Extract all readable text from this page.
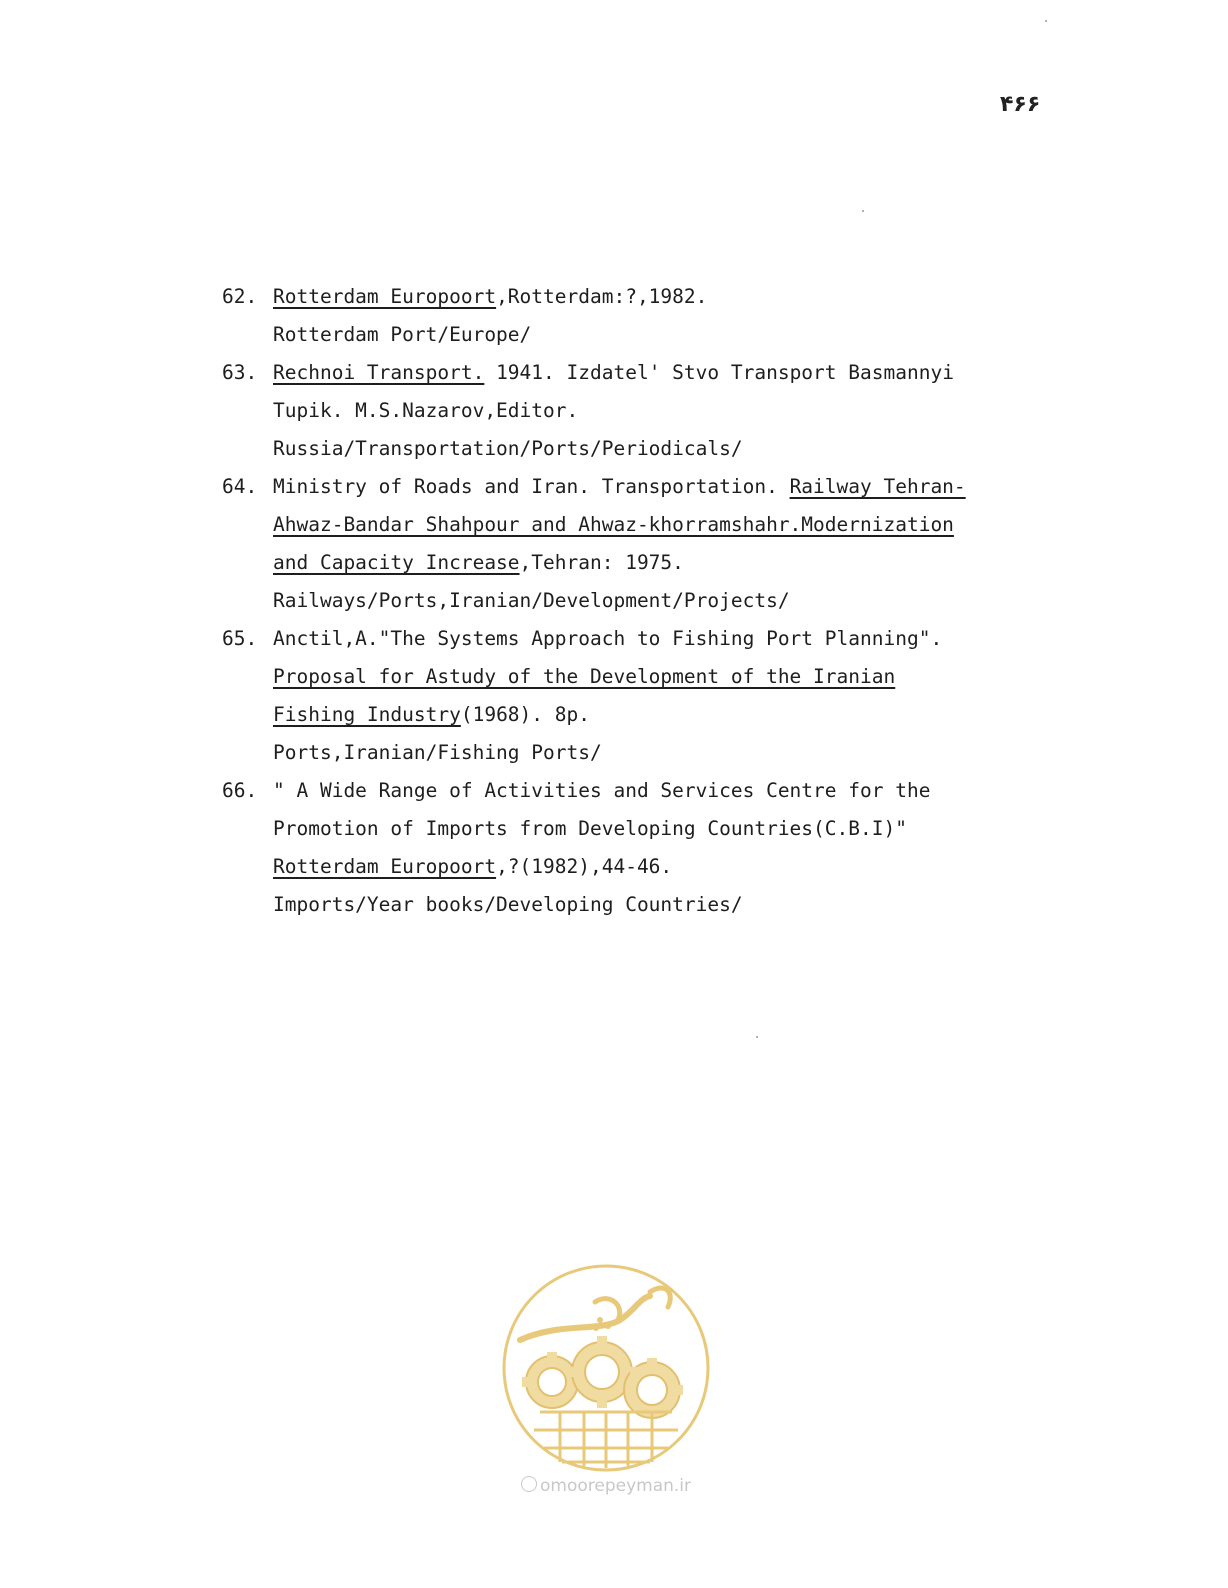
۴۶۶
62. Rotterdam Europoort,Rotterdam:?,1982.
Rotterdam Port/Europe/
63. Rechnoi Transport. 1941. Izdatel' Stvo Transport Basmannyi
Tupik. M.S.Nazarov,Editor.
Russia/Transportation/Ports/Periodicals/
64. Ministry of Roads and Iran. Transportation. Railway Tehran-
Ahwaz-Bandar Shahpour and Ahwaz-khorramshahr.Modernization
and Capacity Increase,Tehran: 1975.
Railways/Ports,Iranian/Development/Projects/
65. Anctil,A."The Systems Approach to Fishing Port Planning".
Proposal for Astudy of the Development of the Iranian
Fishing Industry(1968). 8p.
Ports,Iranian/Fishing Ports/
66. " A Wide Range of Activities and Services Centre for the
Promotion of Imports from Developing Countries(C.B.I)"
Rotterdam Europoort,?(1982),44-46.
Imports/Year books/Developing Countries/
omoorepeyman.ir
